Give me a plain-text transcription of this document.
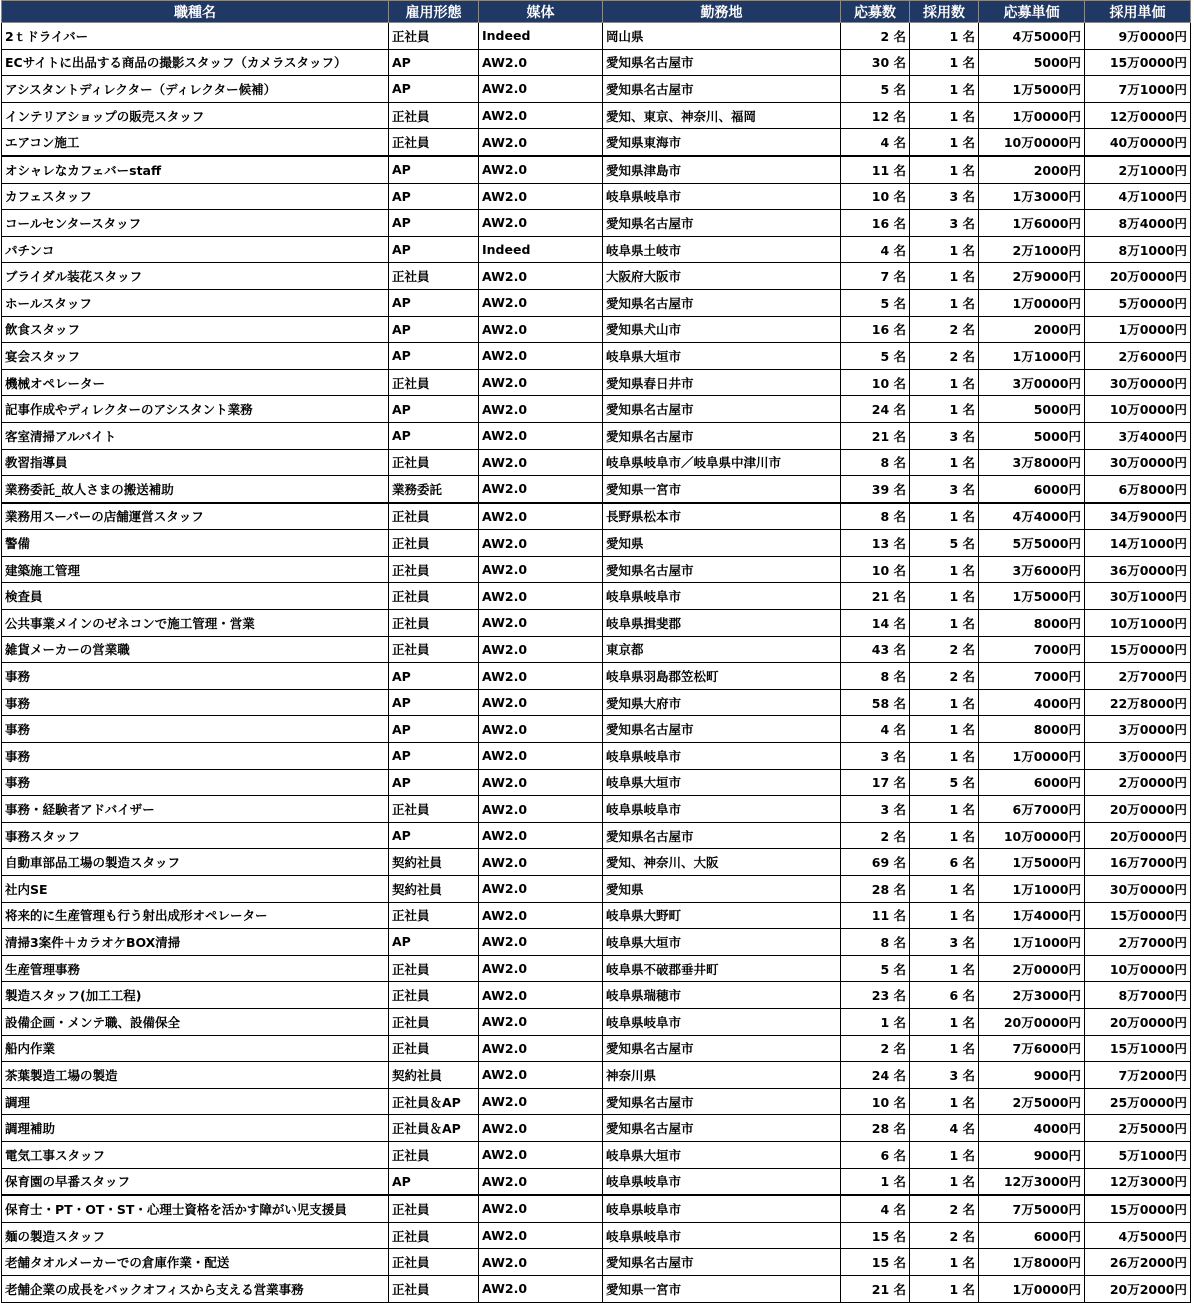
職種名	雇用形態	媒体	勤務地	応募数	採用数	応募単価	採用単価
2ｔドライバー	正社員	Indeed	岡山県	2 名	1 名	4万5000円	9万0000円
ECサイトに出品する商品の撮影スタッフ（カメラスタッフ）	AP	AW2.0	愛知県名古屋市	30 名	1 名	5000円	15万0000円
アシスタントディレクター（ディレクター候補）	AP	AW2.0	愛知県名古屋市	5 名	1 名	1万5000円	7万1000円
インテリアショップの販売スタッフ	正社員	AW2.0	愛知、東京、神奈川、福岡	12 名	1 名	1万0000円	12万0000円
エアコン施工	正社員	AW2.0	愛知県東海市	4 名	1 名	10万0000円	40万0000円
オシャレなカフェバーstaff	AP	AW2.0	愛知県津島市	11 名	1 名	2000円	2万1000円
カフェスタッフ	AP	AW2.0	岐阜県岐阜市	10 名	3 名	1万3000円	4万1000円
コールセンタースタッフ	AP	AW2.0	愛知県名古屋市	16 名	3 名	1万6000円	8万4000円
パチンコ	AP	Indeed	岐阜県土岐市	4 名	1 名	2万1000円	8万1000円
ブライダル装花スタッフ	正社員	AW2.0	大阪府大阪市	7 名	1 名	2万9000円	20万0000円
ホールスタッフ	AP	AW2.0	愛知県名古屋市	5 名	1 名	1万0000円	5万0000円
飲食スタッフ	AP	AW2.0	愛知県犬山市	16 名	2 名	2000円	1万0000円
宴会スタッフ	AP	AW2.0	岐阜県大垣市	5 名	2 名	1万1000円	2万6000円
機械オペレーター	正社員	AW2.0	愛知県春日井市	10 名	1 名	3万0000円	30万0000円
記事作成やディレクターのアシスタント業務	AP	AW2.0	愛知県名古屋市	24 名	1 名	5000円	10万0000円
客室清掃アルバイト	AP	AW2.0	愛知県名古屋市	21 名	3 名	5000円	3万4000円
教習指導員	正社員	AW2.0	岐阜県岐阜市／岐阜県中津川市	8 名	1 名	3万8000円	30万0000円
業務委託_故人さまの搬送補助	業務委託	AW2.0	愛知県一宮市	39 名	3 名	6000円	6万8000円
業務用スーパーの店舗運営スタッフ	正社員	AW2.0	長野県松本市	8 名	1 名	4万4000円	34万9000円
警備	正社員	AW2.0	愛知県	13 名	5 名	5万5000円	14万1000円
建築施工管理	正社員	AW2.0	愛知県名古屋市	10 名	1 名	3万6000円	36万0000円
検査員	正社員	AW2.0	岐阜県岐阜市	21 名	1 名	1万5000円	30万1000円
公共事業メインのゼネコンで施工管理・営業	正社員	AW2.0	岐阜県揖斐郡	14 名	1 名	8000円	10万1000円
雑貨メーカーの営業職	正社員	AW2.0	東京都	43 名	2 名	7000円	15万0000円
事務	AP	AW2.0	岐阜県羽島郡笠松町	8 名	2 名	7000円	2万7000円
事務	AP	AW2.0	愛知県大府市	58 名	1 名	4000円	22万8000円
事務	AP	AW2.0	愛知県名古屋市	4 名	1 名	8000円	3万0000円
事務	AP	AW2.0	岐阜県岐阜市	3 名	1 名	1万0000円	3万0000円
事務	AP	AW2.0	岐阜県大垣市	17 名	5 名	6000円	2万0000円
事務・経験者アドバイザー	正社員	AW2.0	岐阜県岐阜市	3 名	1 名	6万7000円	20万0000円
事務スタッフ	AP	AW2.0	愛知県名古屋市	2 名	1 名	10万0000円	20万0000円
自動車部品工場の製造スタッフ	契約社員	AW2.0	愛知、神奈川、大阪	69 名	6 名	1万5000円	16万7000円
社内SE	契約社員	AW2.0	愛知県	28 名	1 名	1万1000円	30万0000円
将来的に生産管理も行う射出成形オペレーター	正社員	AW2.0	岐阜県大野町	11 名	1 名	1万4000円	15万0000円
清掃3案件＋カラオケBOX清掃	AP	AW2.0	岐阜県大垣市	8 名	3 名	1万1000円	2万7000円
生産管理事務	正社員	AW2.0	岐阜県不破郡垂井町	5 名	1 名	2万0000円	10万0000円
製造スタッフ(加工工程)	正社員	AW2.0	岐阜県瑞穂市	23 名	6 名	2万3000円	8万7000円
設備企画・メンテ職、設備保全	正社員	AW2.0	岐阜県岐阜市	1 名	1 名	20万0000円	20万0000円
船内作業	正社員	AW2.0	愛知県名古屋市	2 名	1 名	7万6000円	15万1000円
茶葉製造工場の製造	契約社員	AW2.0	神奈川県	24 名	3 名	9000円	7万2000円
調理	正社員＆AP	AW2.0	愛知県名古屋市	10 名	1 名	2万5000円	25万0000円
調理補助	正社員＆AP	AW2.0	愛知県名古屋市	28 名	4 名	4000円	2万5000円
電気工事スタッフ	正社員	AW2.0	岐阜県大垣市	6 名	1 名	9000円	5万1000円
保育園の早番スタッフ	AP	AW2.0	岐阜県岐阜市	1 名	1 名	12万3000円	12万3000円
保育士・PT・OT・ST・心理士資格を活かす障がい児支援員	正社員	AW2.0	岐阜県岐阜市	4 名	2 名	7万5000円	15万0000円
麺の製造スタッフ	正社員	AW2.0	岐阜県岐阜市	15 名	2 名	6000円	4万5000円
老舗タオルメーカーでの倉庫作業・配送	正社員	AW2.0	愛知県名古屋市	15 名	1 名	1万8000円	26万2000円
老舗企業の成長をバックオフィスから支える営業事務	正社員	AW2.0	愛知県一宮市	21 名	1 名	1万0000円	20万2000円
